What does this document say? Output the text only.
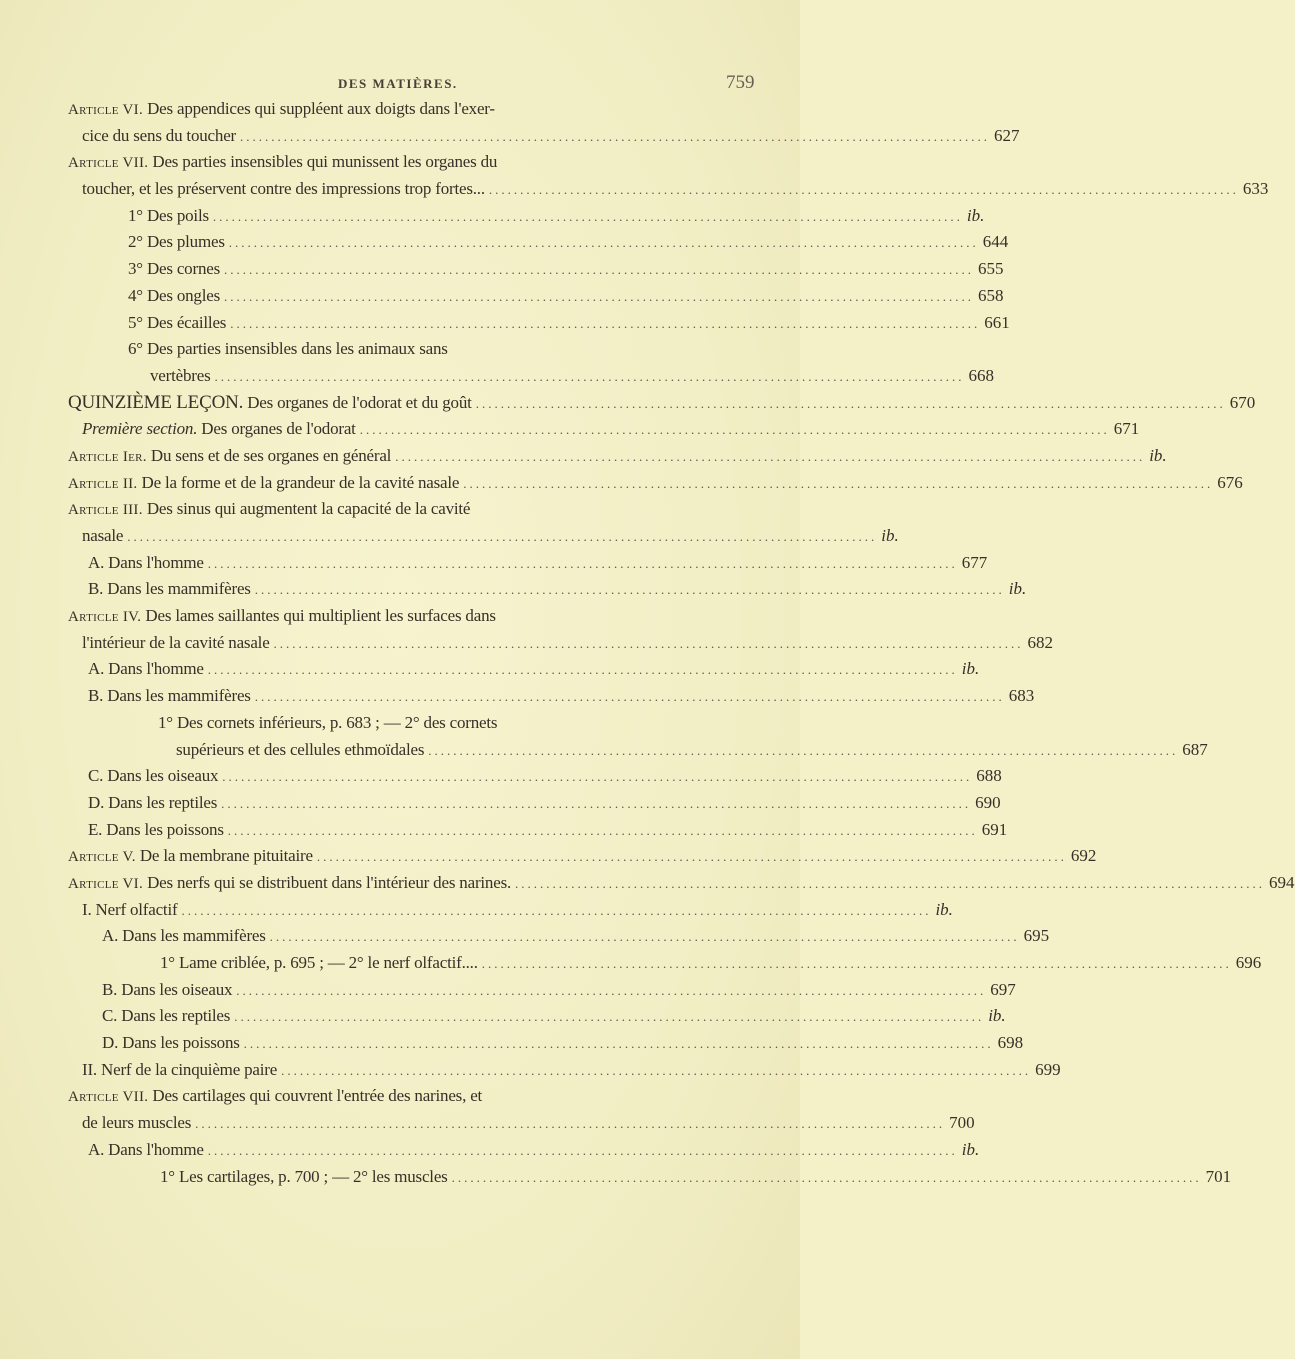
DES MATIÈRES.	759
Article VI. Des appendices qui suppléent aux doigts dans l'exer-
cice du sens du toucher ........................................................................................................................ 627
Article VII. Des parties insensibles qui munissent les organes du
toucher, et les préservent contre des impressions trop fortes... ........................................................................................................................ 633
1° Des poils ........................................................................................................................ ib.
2° Des plumes ........................................................................................................................ 644
3° Des cornes ........................................................................................................................ 655
4° Des ongles ........................................................................................................................ 658
5° Des écailles ........................................................................................................................ 661
6° Des parties insensibles dans les animaux sans
vertèbres ........................................................................................................................ 668
QUINZIÈME LEÇON. Des organes de l'odorat et du goût ........................................................................................................................ 670
Première section. Des organes de l'odorat ........................................................................................................................ 671
Article Ier. Du sens et de ses organes en général ........................................................................................................................ ib.
Article II. De la forme et de la grandeur de la cavité nasale ........................................................................................................................ 676
Article III. Des sinus qui augmentent la capacité de la cavité
nasale ........................................................................................................................ ib.
A. Dans l'homme ........................................................................................................................ 677
B. Dans les mammifères ........................................................................................................................ ib.
Article IV. Des lames saillantes qui multiplient les surfaces dans
l'intérieur de la cavité nasale ........................................................................................................................ 682
A. Dans l'homme ........................................................................................................................ ib.
B. Dans les mammifères ........................................................................................................................ 683
1° Des cornets inférieurs, p. 683 ; — 2° des cornets
supérieurs et des cellules ethmoïdales ........................................................................................................................ 687
C. Dans les oiseaux ........................................................................................................................ 688
D. Dans les reptiles ........................................................................................................................ 690
E. Dans les poissons ........................................................................................................................ 691
Article V. De la membrane pituitaire ........................................................................................................................ 692
Article VI. Des nerfs qui se distribuent dans l'intérieur des narines. ........................................................................................................................ 694
I. Nerf olfactif ........................................................................................................................ ib.
A. Dans les mammifères ........................................................................................................................ 695
1° Lame criblée, p. 695 ; — 2° le nerf olfactif.... ........................................................................................................................ 696
B. Dans les oiseaux ........................................................................................................................ 697
C. Dans les reptiles ........................................................................................................................ ib.
D. Dans les poissons ........................................................................................................................ 698
II. Nerf de la cinquième paire ........................................................................................................................ 699
Article VII. Des cartilages qui couvrent l'entrée des narines, et
de leurs muscles ........................................................................................................................ 700
A. Dans l'homme ........................................................................................................................ ib.
1° Les cartilages, p. 700 ; — 2° les muscles ........................................................................................................................ 701
